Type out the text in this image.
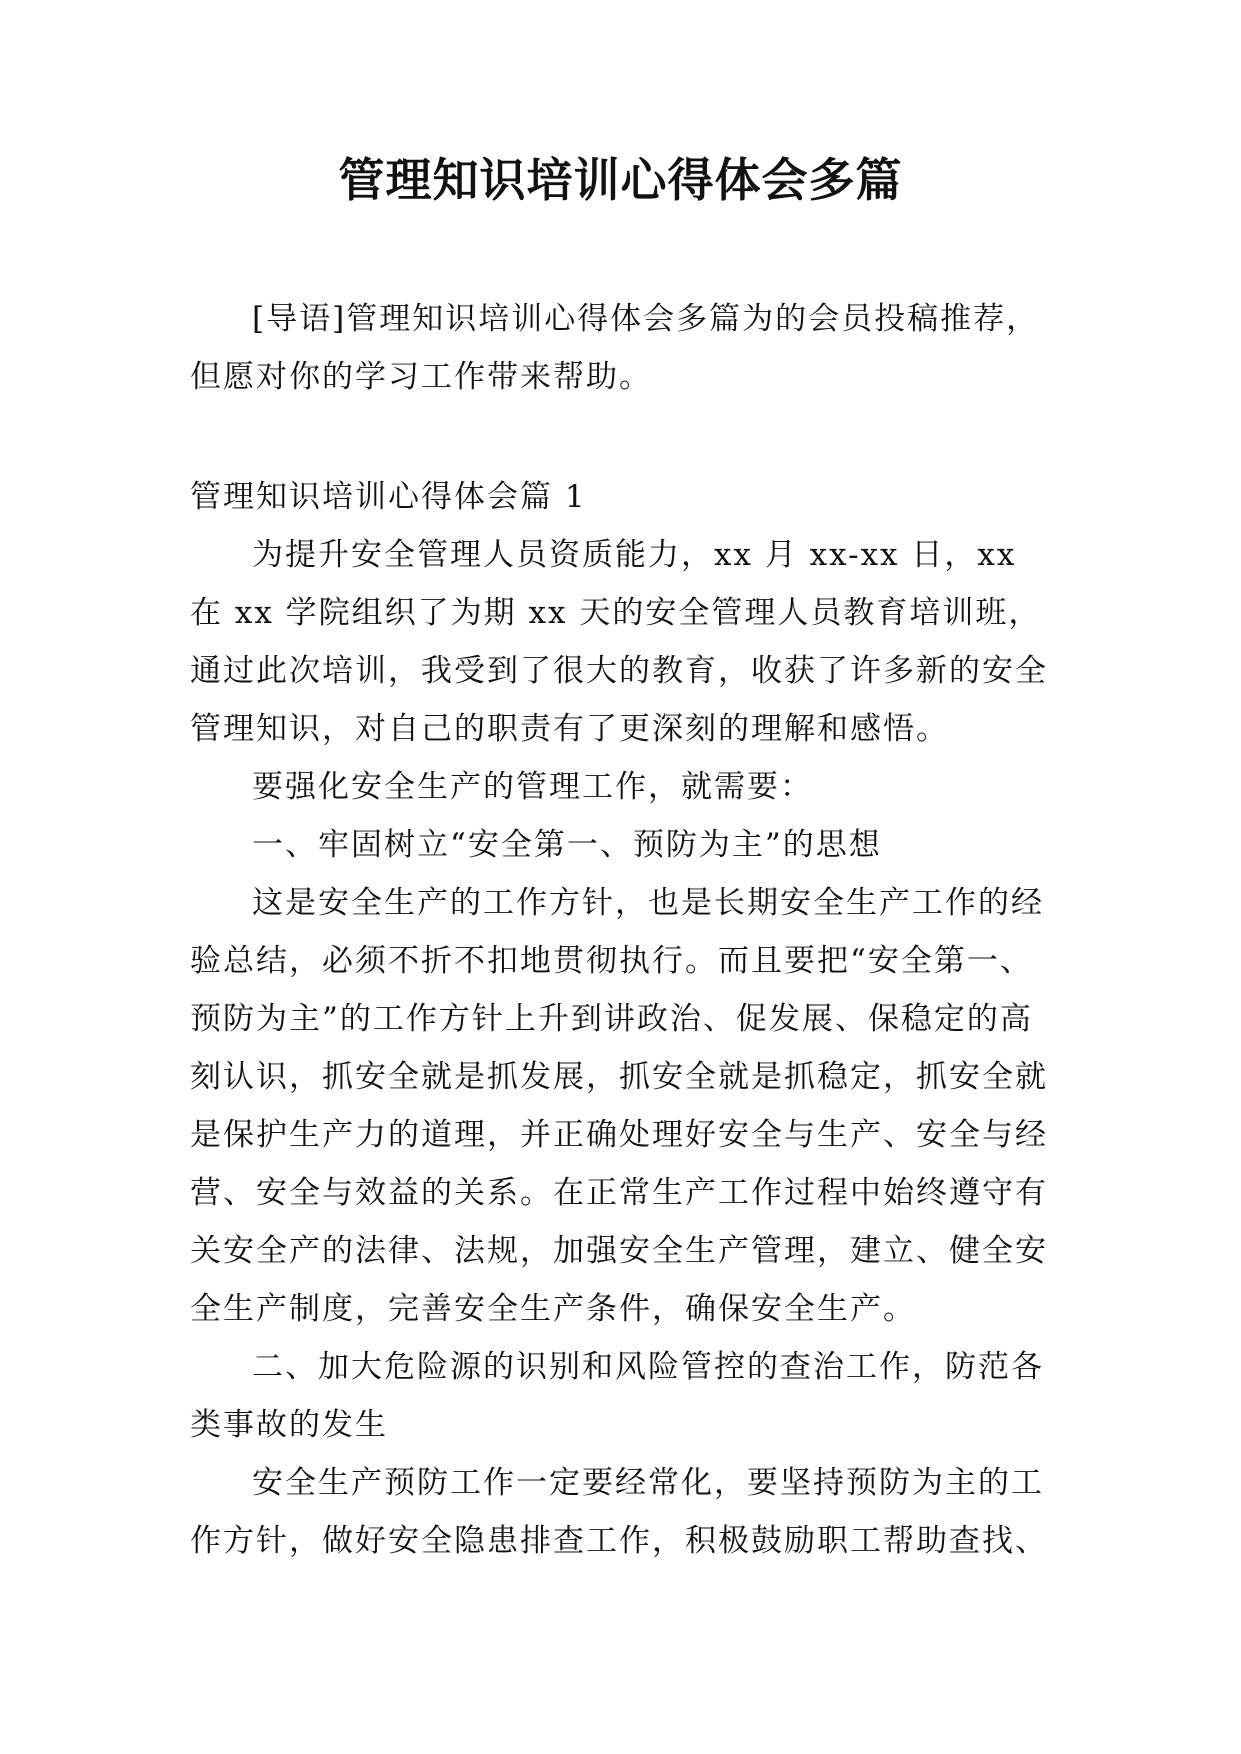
管理知识培训心得体会多篇

[导语]管理知识培训心得体会多篇为的会员投稿推荐，但愿对你的学习工作带来帮助。

管理知识培训心得体会篇 1

为提升安全管理人员资质能力，xx 月 xx-xx 日，xx 在 xx 学院组织了为期 xx 天的安全管理人员教育培训班，通过此次培训，我受到了很大的教育，收获了许多新的安全管理知识，对自己的职责有了更深刻的理解和感悟。

要强化安全生产的管理工作，就需要：

一、牢固树立“安全第一、预防为主”的思想

这是安全生产的工作方针，也是长期安全生产工作的经验总结，必须不折不扣地贯彻执行。而且要把“安全第一、预防为主”的工作方针上升到讲政治、促发展、保稳定的高刻认识，抓安全就是抓发展，抓安全就是抓稳定，抓安全就是保护生产力的道理，并正确处理好安全与生产、安全与经营、安全与效益的关系。在正常生产工作过程中始终遵守有关安全产的法律、法规，加强安全生产管理，建立、健全安全生产制度，完善安全生产条件，确保安全生产。

二、加大危险源的识别和风险管控的查治工作，防范各类事故的发生

安全生产预防工作一定要经常化，要坚持预防为主的工作方针，做好安全隐患排查工作，积极鼓励职工帮助查找、
